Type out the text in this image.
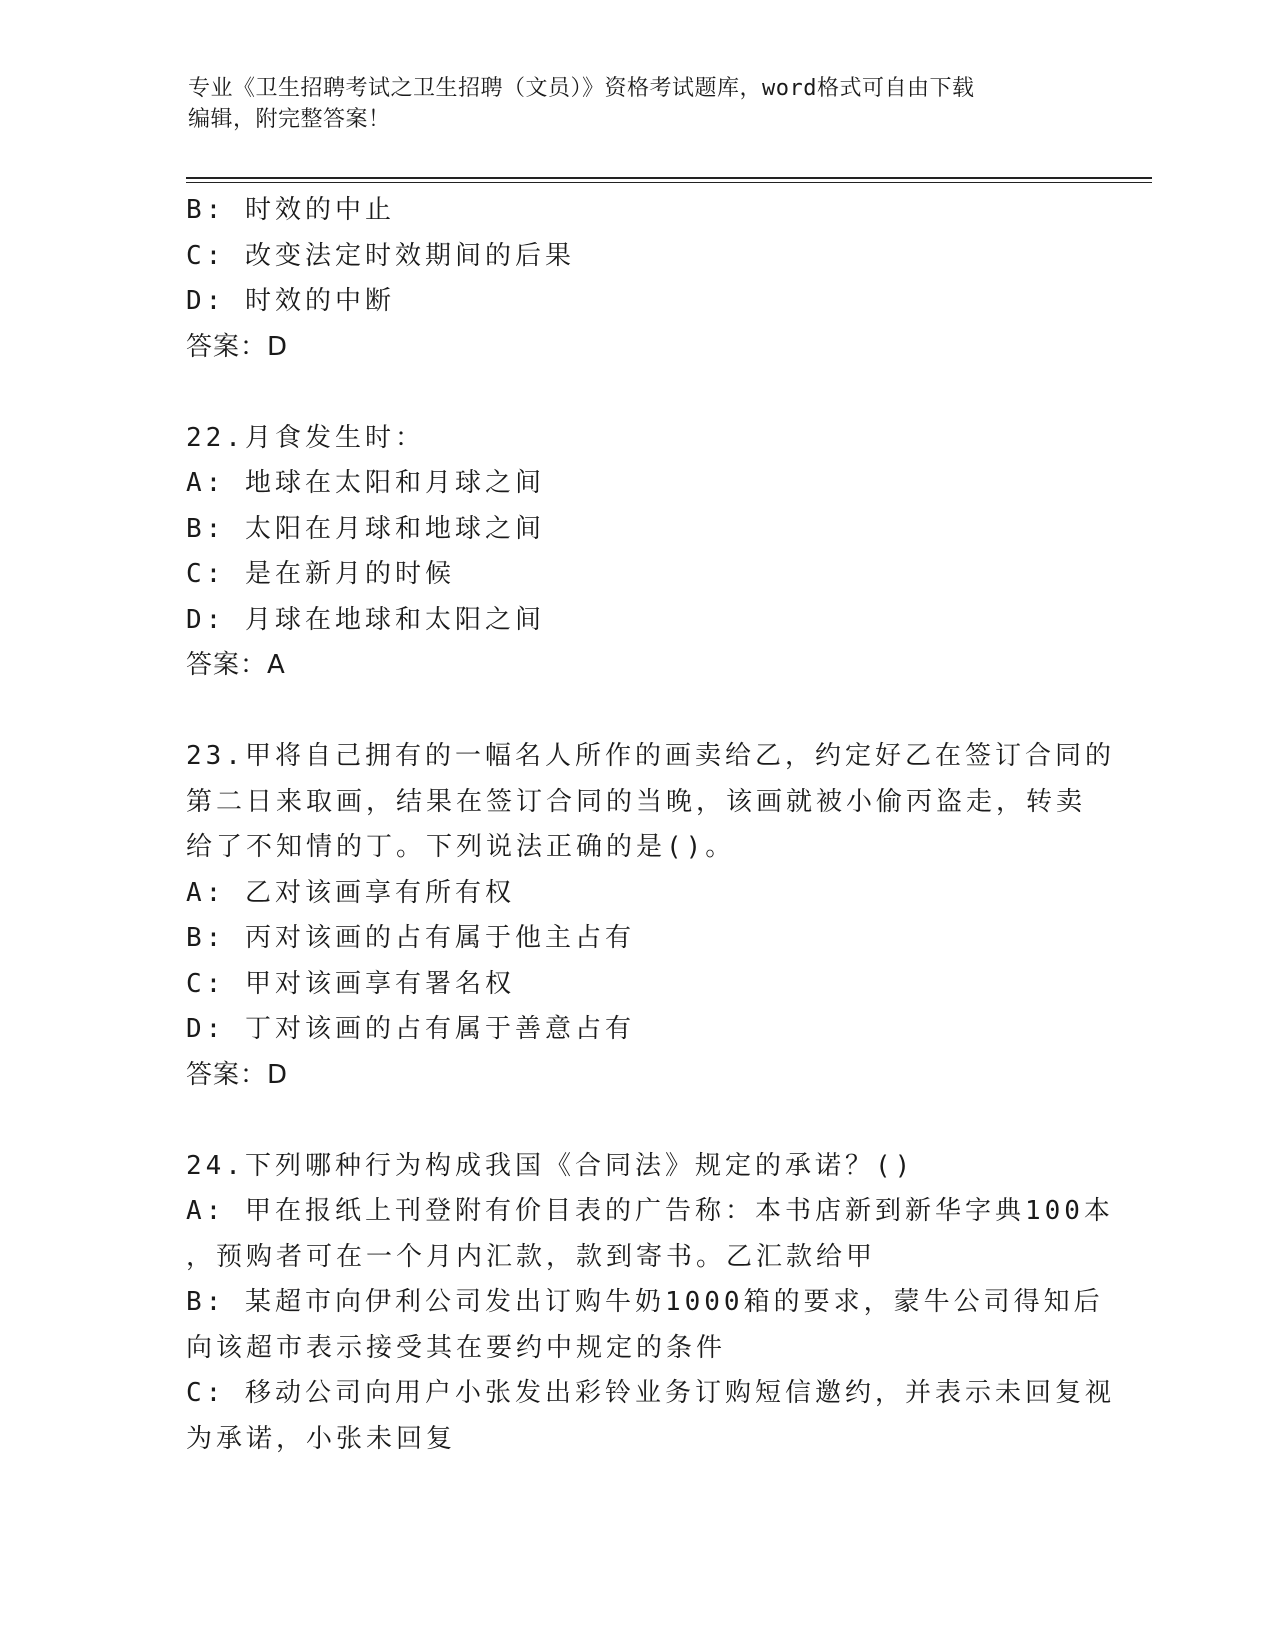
专业《卫生招聘考试之卫生招聘（文员）》资格考试题库，word格式可自由下载
编辑，附完整答案！

B: 时效的中止

C: 改变法定时效期间的后果

D: 时效的中断

答案：D

22.月食发生时：

A: 地球在太阳和月球之间

B: 太阳在月球和地球之间

C: 是在新月的时候

D: 月球在地球和太阳之间

答案：A

23.甲将自己拥有的一幅名人所作的画卖给乙，约定好乙在签订合同的

第二日来取画，结果在签订合同的当晚，该画就被小偷丙盗走，转卖

给了不知情的丁。下列说法正确的是()。

A: 乙对该画享有所有权

B: 丙对该画的占有属于他主占有

C: 甲对该画享有署名权

D: 丁对该画的占有属于善意占有

答案：D

24.下列哪种行为构成我国《合同法》规定的承诺？()

A: 甲在报纸上刊登附有价目表的广告称：本书店新到新华字典100本

，预购者可在一个月内汇款，款到寄书。乙汇款给甲

B: 某超市向伊利公司发出订购牛奶1000箱的要求，蒙牛公司得知后

向该超市表示接受其在要约中规定的条件

C: 移动公司向用户小张发出彩铃业务订购短信邀约，并表示未回复视

为承诺，小张未回复
